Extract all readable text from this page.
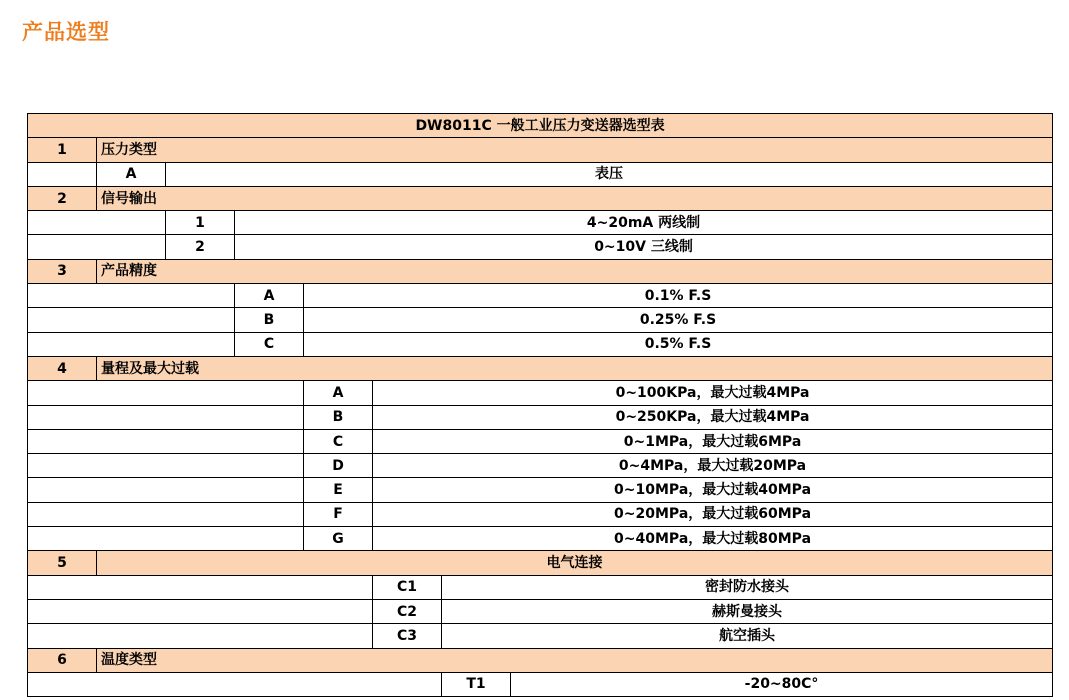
产品选型
DW8011C 一般工业压力变送器选型表							
1	压力类型						
	A	表压					
2	信号输出						
		1	4~20mA 两线制				
		2	0~10V 三线制				
3	产品精度						
			A	0.1% F.S			
			B	0.25% F.S			
			C	0.5% F.S			
4	量程及最大过载						
				A	0~100KPa，最大过载4MPa		
				B	0~250KPa，最大过载4MPa		
				C	0~1MPa，最大过载6MPa		
				D	0~4MPa，最大过载20MPa		
				E	0~10MPa，最大过载40MPa		
				F	0~20MPa，最大过载60MPa		
				G	0~40MPa，最大过载80MPa		
5	电气连接						
					C1	密封防水接头	
					C2	赫斯曼接头	
					C3	航空插头	
6	温度类型						
						T1	-20~80C°
